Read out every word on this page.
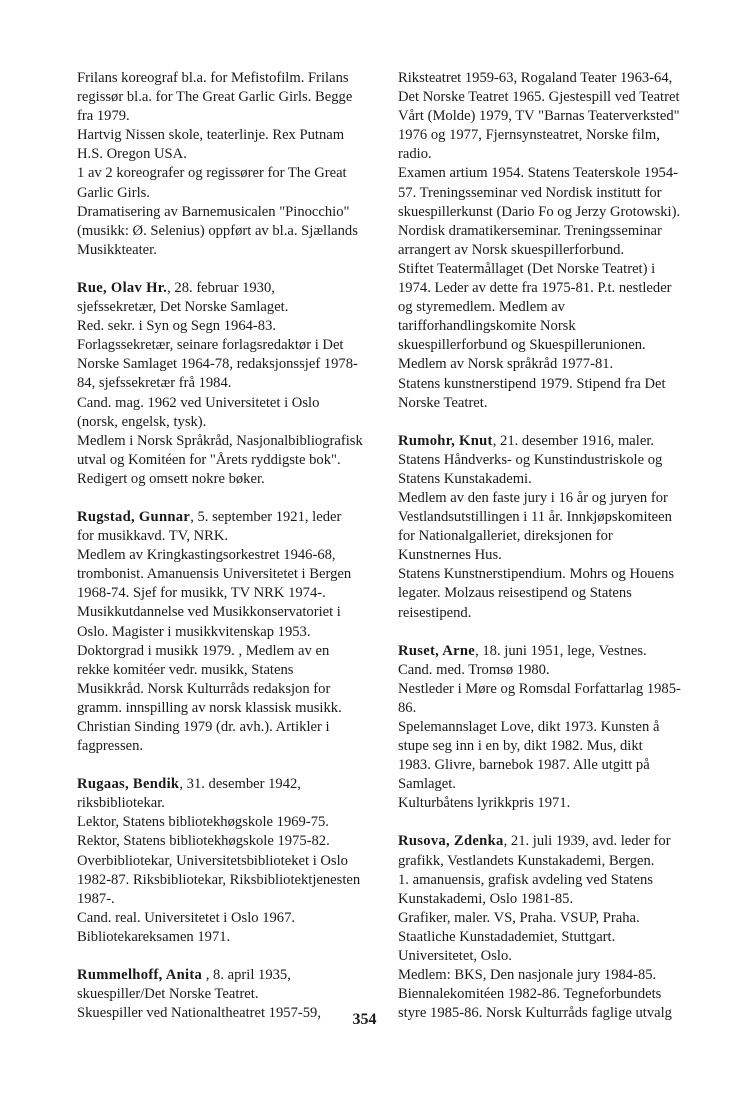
Frilans koreograf bl.a. for Mefistofilm. Frilans
regissør bl.a. for The Great Garlic Girls. Begge
fra 1979.

Hartvig Nissen skole, teaterlinje. Rex Putnam
H.S. Oregon USA.

1 av 2 koreografer og regissører for The Great
Garlic Girls.

Dramatisering av Barnemusicalen "Pinocchio"
(musikk: Ø. Selenius) oppført av bl.a. Sjællands
Musikkteater.

Rue, Olav Hr., 28. februar 1930,
sjefssekretær, Det Norske Samlaget.

Red. sekr. i Syn og Segn 1964-83.

Forlagssekretær, seinare forlagsredaktør i Det
Norske Samlaget 1964-78, redaksjonssjef 1978-
84, sjefssekretær frå 1984.

Cand. mag. 1962 ved Universitetet i Oslo
(norsk, engelsk, tysk).

Medlem i Norsk Språkråd, Nasjonalbibliografisk
utval og Komitéen for "Årets ryddigste bok".

Redigert og omsett nokre bøker.

Rugstad, Gunnar, 5. september 1921, leder
for musikkavd. TV, NRK.

Medlem av Kringkastingsorkestret 1946-68,
trombonist. Amanuensis Universitetet i Bergen
1968-74. Sjef for musikk, TV NRK 1974-.

Musikkutdannelse ved Musikkonservatoriet i
Oslo. Magister i musikkvitenskap 1953.

Doktorgrad i musikk 1979. , Medlem av en
rekke komitéer vedr. musikk, Statens
Musikkråd. Norsk Kulturråds redaksjon for
gramm. innspilling av norsk klassisk musikk.

Christian Sinding 1979 (dr. avh.). Artikler i
fagpressen.

Rugaas, Bendik, 31. desember 1942,
riksbibliotekar.

Lektor, Statens bibliotekhøgskole 1969-75.

Rektor, Statens bibliotekhøgskole 1975-82.

Overbibliotekar, Universitetsbiblioteket i Oslo
1982-87. Riksbibliotekar, Riksbibliotektjenesten
1987-.

Cand. real. Universitetet i Oslo 1967.

Bibliotekareksamen 1971.

Rummelhoff, Anita , 8. april 1935,
skuespiller/Det Norske Teatret.

Skuespiller ved Nationaltheatret 1957-59,

Riksteatret 1959-63, Rogaland Teater 1963-64,
Det Norske Teatret 1965. Gjestespill ved Teatret
Vårt (Molde) 1979, TV "Barnas Teaterverksted"
1976 og 1977, Fjernsynsteatret, Norske film,
radio.

Examen artium 1954. Statens Teaterskole 1954-
57. Treningsseminar ved Nordisk institutt for
skuespillerkunst (Dario Fo og Jerzy Grotowski).

Nordisk dramatikerseminar. Treningsseminar
arrangert av Norsk skuespillerforbund.

Stiftet Teatermållaget (Det Norske Teatret) i
1974. Leder av dette fra 1975-81. P.t. nestleder
og styremedlem. Medlem av
tarifforhandlingskomite Norsk
skuespillerforbund og Skuespillerunionen.

Medlem av Norsk språkråd 1977-81.

Statens kunstnerstipend 1979. Stipend fra Det
Norske Teatret.

Rumohr, Knut, 21. desember 1916, maler.

Statens Håndverks- og Kunstindustriskole og
Statens Kunstakademi.

Medlem av den faste jury i 16 år og juryen for
Vestlandsutstillingen i 11 år. Innkjøpskomiteen
for Nationalgalleriet, direksjonen for
Kunstnernes Hus.

Statens Kunstnerstipendium. Mohrs og Houens
legater. Molzaus reisestipend og Statens
reisestipend.

Ruset, Arne, 18. juni 1951, lege, Vestnes.

Cand. med. Tromsø 1980.

Nestleder i Møre og Romsdal Forfattarlag 1985-
86.

Spelemannslaget Love, dikt 1973. Kunsten å
stupe seg inn i en by, dikt 1982. Mus, dikt
1983. Glivre, barnebok 1987. Alle utgitt på
Samlaget.

Kulturbåtens lyrikkpris 1971.

Rusova, Zdenka, 21. juli 1939, avd. leder for
grafikk, Vestlandets Kunstakademi, Bergen.

1. amanuensis, grafisk avdeling ved Statens
Kunstakademi, Oslo 1981-85.

Grafiker, maler. VS, Praha. VSUP, Praha.
Staatliche Kunstadademiet, Stuttgart.
Universitetet, Oslo.

Medlem: BKS, Den nasjonale jury 1984-85.
Biennalekomitéen 1982-86. Tegneforbundets
styre 1985-86. Norsk Kulturråds faglige utvalg

354
